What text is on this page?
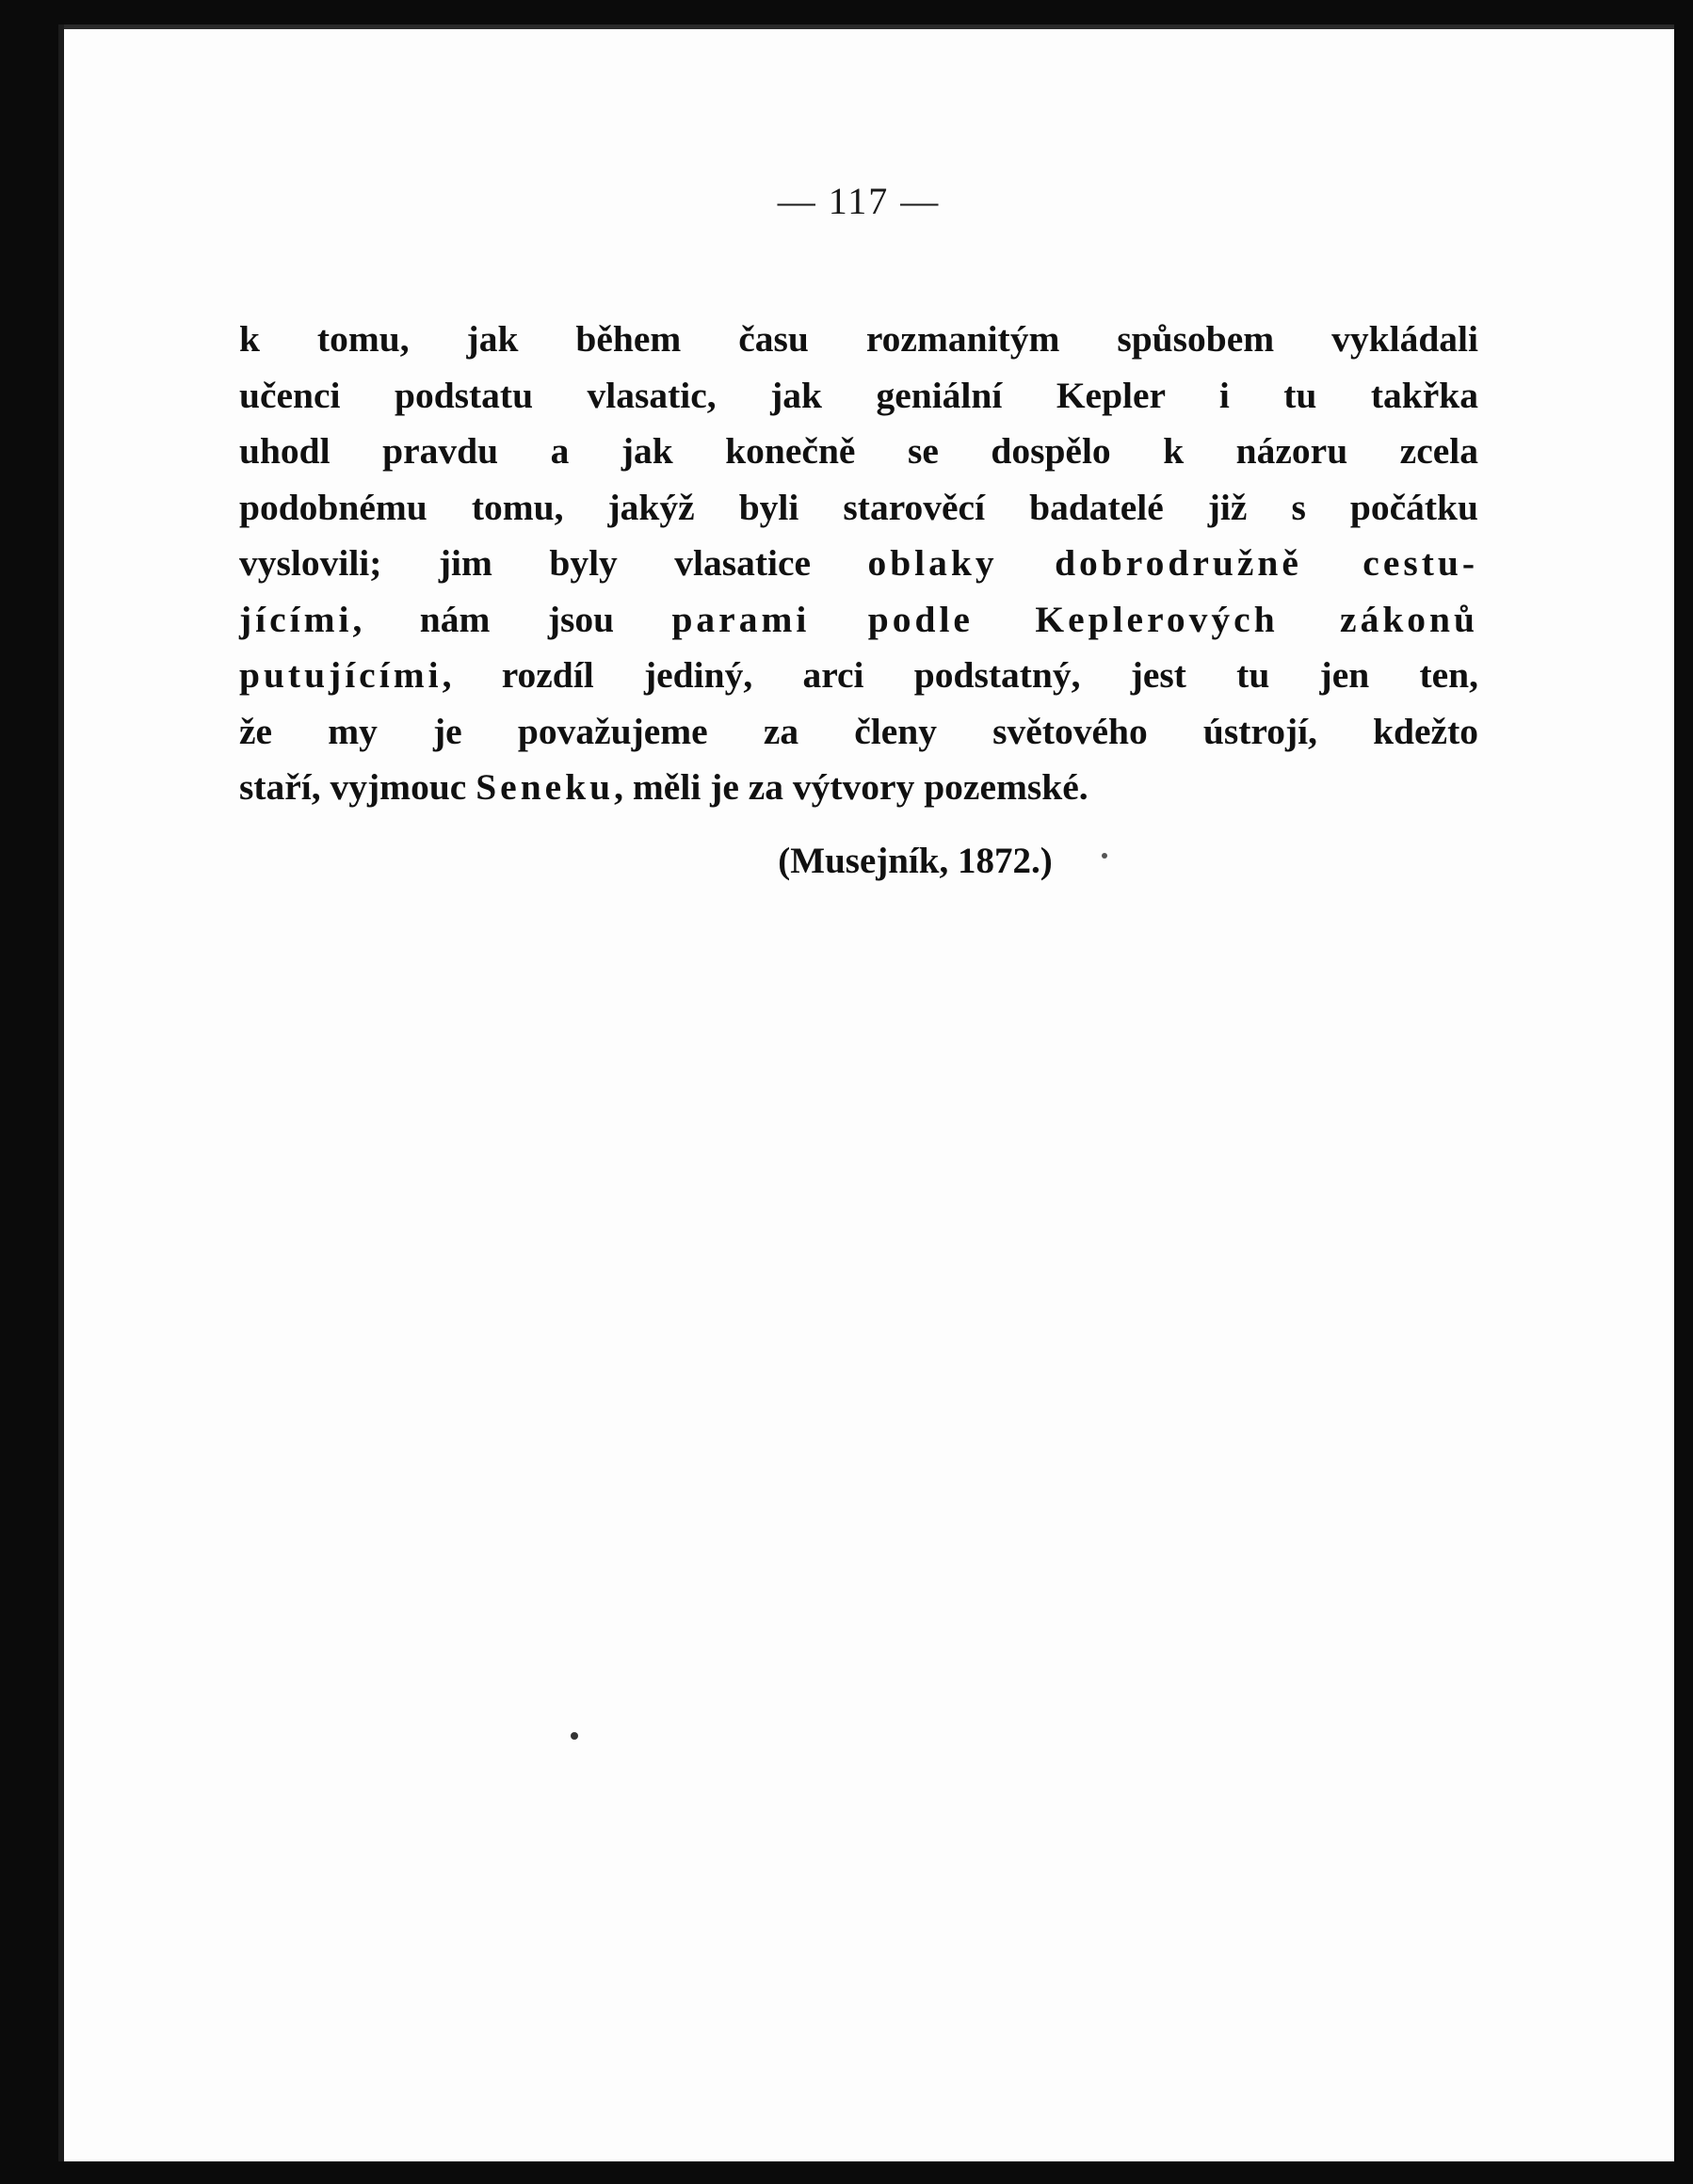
— 117 —
k tomu, jak během času rozmanitým spůsobem vykládali
učenci podstatu vlasatic, jak geniální Kepler i tu takřka
uhodl pravdu a jak konečně se dospělo k názoru zcela
podobnému tomu, jakýž byli starověcí badatelé již s počátku
vyslovili; jim byly vlasatice oblaky dobrodružně cestu-
jícími, nám jsou parami podle Keplerových zákonů
putujícími, rozdíl jediný, arci podstatný, jest tu jen ten,
že my je považujeme za členy světového ústrojí, kdežto
staří, vyjmouc Seneku, měli je za výtvory pozemské.
(Musejník, 1872.)
